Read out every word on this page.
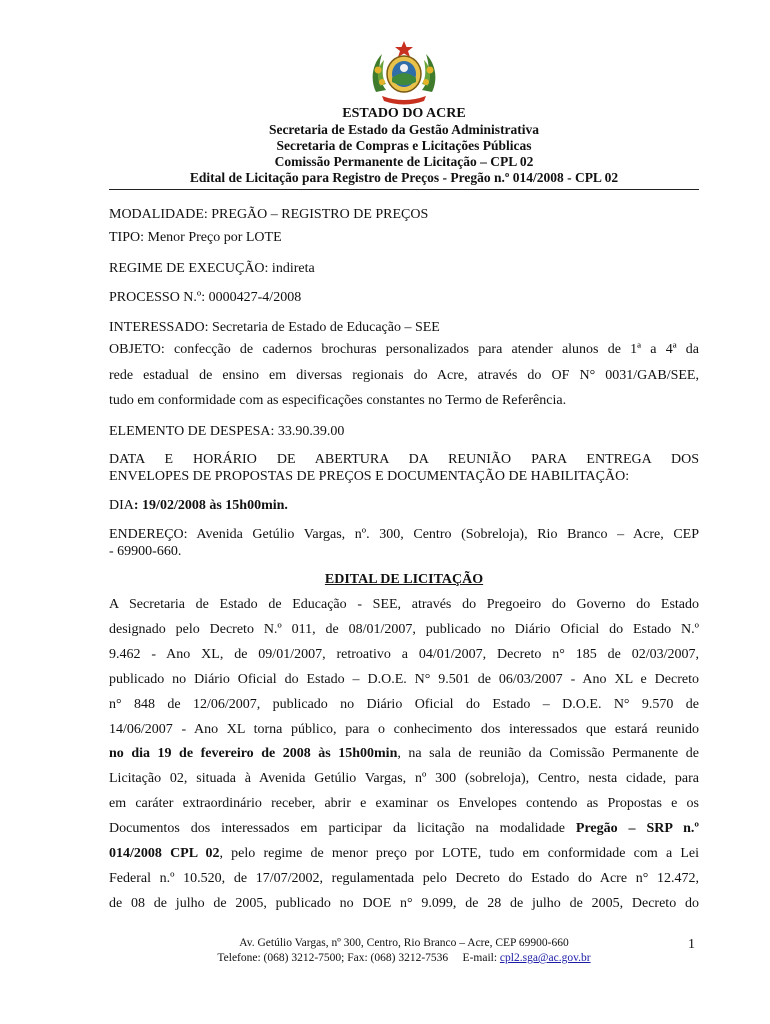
ESTADO DO ACRE
Secretaria de Estado da Gestão Administrativa
Secretaria de Compras e Licitações Públicas
Comissão Permanente de Licitação – CPL 02
Edital de Licitação para Registro de Preços - Pregão n.º 014/2008 - CPL 02
MODALIDADE: PREGÃO – REGISTRO DE PREÇOS
TIPO: Menor Preço por LOTE
REGIME DE EXECUÇÃO: indireta
PROCESSO N.º: 0000427-4/2008
INTERESSADO: Secretaria de Estado de Educação – SEE
OBJETO: confecção de cadernos brochuras personalizados para atender alunos de 1ª a 4ª da
rede estadual de ensino em diversas regionais do Acre, através do OF N° 0031/GAB/SEE,
tudo em conformidade com as especificações constantes no Termo de Referência.
ELEMENTO DE DESPESA: 33.90.39.00
DATA E HORÁRIO DE ABERTURA DA REUNIÃO PARA ENTREGA DOS
ENVELOPES DE PROPOSTAS DE PREÇOS E DOCUMENTAÇÃO DE HABILITAÇÃO:
DIA: 19/02/2008 às 15h00min.
ENDEREÇO: Avenida Getúlio Vargas, nº. 300, Centro (Sobreloja), Rio Branco – Acre, CEP
- 69900-660.
EDITAL DE LICITAÇÃO
A Secretaria de Estado de Educação - SEE, através do Pregoeiro do Governo do Estado
designado pelo Decreto N.º 011, de 08/01/2007, publicado no Diário Oficial do Estado N.º
9.462 - Ano XL, de 09/01/2007, retroativo a 04/01/2007, Decreto n° 185 de 02/03/2007,
publicado no Diário Oficial do Estado – D.O.E. N° 9.501 de 06/03/2007 - Ano XL e Decreto
n° 848 de 12/06/2007, publicado no Diário Oficial do Estado – D.O.E. N° 9.570 de
14/06/2007 - Ano XL torna público, para o conhecimento dos interessados que estará reunido
no dia 19 de fevereiro de 2008 às 15h00min, na sala de reunião da Comissão Permanente de
Licitação 02, situada à Avenida Getúlio Vargas, nº 300 (sobreloja), Centro, nesta cidade, para
em caráter extraordinário receber, abrir e examinar os Envelopes contendo as Propostas e os
Documentos dos interessados em participar da licitação na modalidade Pregão – SRP n.º
014/2008 CPL 02, pelo regime de menor preço por LOTE, tudo em conformidade com a Lei
Federal n.º 10.520, de 17/07/2002, regulamentada pelo Decreto do Estado do Acre n° 12.472,
de 08 de julho de 2005, publicado no DOE n° 9.099, de 28 de julho de 2005, Decreto do
Av. Getúlio Vargas, nº 300, Centro, Rio Branco – Acre, CEP 69900-660
Telefone: (068) 3212-7500; Fax: (068) 3212-7536     E-mail: cpl2.sga@ac.gov.br
1
